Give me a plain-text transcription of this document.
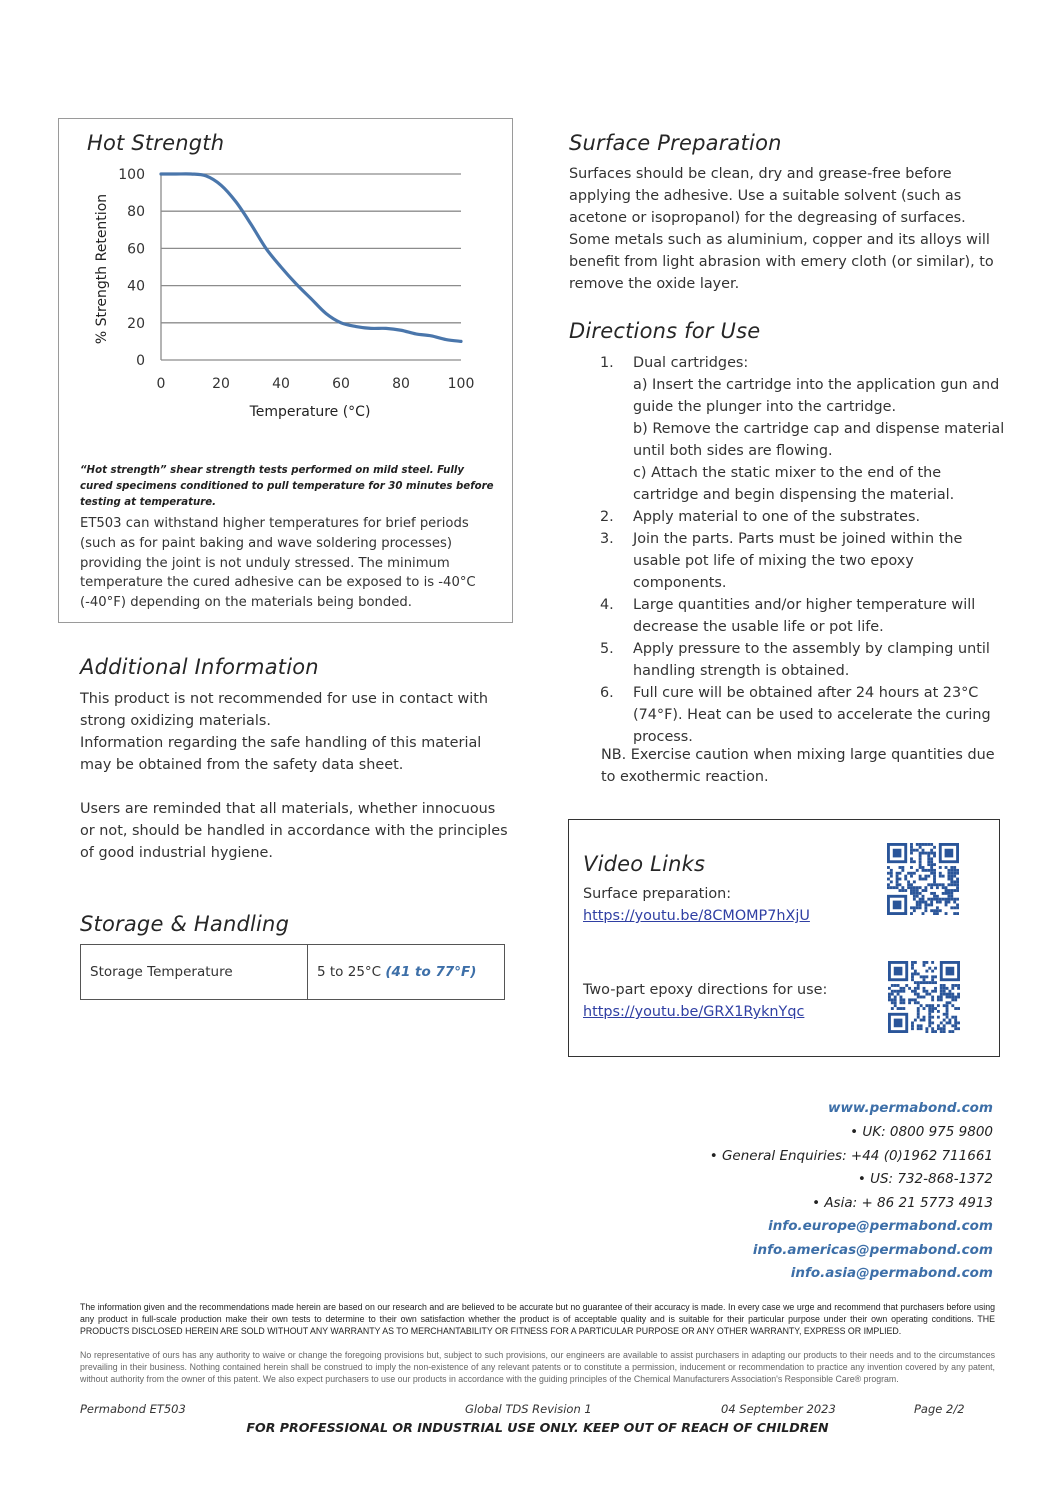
0
20
40
60
80
100
0	20	40	60	80	100
Temperature (°C)
% Strength Retention
Hot Strength
“Hot strength” shear strength tests performed on mild steel. Fully cured specimens conditioned to pull temperature for 30 minutes before testing at temperature.
ET503 can withstand higher temperatures for brief periods (such as for paint baking and wave soldering processes) providing the joint is not unduly stressed. The minimum temperature the cured adhesive can be exposed to is -40°C (-40°F) depending on the materials being bonded.
Additional Information

This product is not recommended for use in contact with strong oxidizing materials.

Information regarding the safe handling of this material may be obtained from the safety data sheet.

Users are reminded that all materials, whether innocuous or not, should be handled in accordance with the principles of good industrial hygiene.

Storage & Handling
Storage Temperature	5 to 25°C
(41 to 77°F)
Surface Preparation
Surfaces should be clean, dry and grease-free before applying the adhesive. Use a suitable solvent (such as acetone or isopropanol) for the degreasing of surfaces. Some metals such as aluminium, copper and its alloys will benefit from light abrasion with emery cloth (or similar), to remove the oxide layer.
Directions for Use
1.	Dual cartridges:
a) Insert the cartridge into the application gun and guide the plunger into the cartridge.
b) Remove the cartridge cap and dispense material until both sides are flowing.
c) Attach the static mixer to the end of the cartridge and begin dispensing the material.
2.	Apply material to one of the substrates.
3.	Join the parts. Parts must be joined within the usable pot life of mixing the two epoxy components.
4.	Large quantities and/or higher temperature will decrease the usable life or pot life.
5.	Apply pressure to the assembly by clamping until handling strength is obtained.
6.	Full cure will be obtained after 24 hours at 23°C (74°F). Heat can be used to accelerate the curing process.
NB. Exercise caution when mixing large quantities due to exothermic reaction.
Video Links
Surface preparation:
https://youtu.be/8CMOMP7hXjU
Two-part epoxy directions for use:
https://youtu.be/GRX1RyknYqc
www.permabond.com
• UK: 0800 975 9800
• General Enquiries: +44 (0)1962 711661
• US: 732-868-1372
• Asia: + 86 21 5773 4913
info.europe@permabond.com
info.americas@permabond.com
info.asia@permabond.com
The information given and the recommendations made herein are based on our research and are believed to be accurate but no guarantee of their accuracy is made. In every case we urge and recommend that purchasers before using any product in full-scale production make their own tests to determine to their own satisfaction whether the product is of acceptable quality and is suitable for their particular purpose under their own operating conditions. THE PRODUCTS DISCLOSED HEREIN ARE SOLD WITHOUT ANY WARRANTY AS TO MERCHANTABILITY OR FITNESS FOR A PARTICULAR PURPOSE OR ANY OTHER WARRANTY, EXPRESS OR IMPLIED.
No representative of ours has any authority to waive or change the foregoing provisions but, subject to such provisions, our engineers are available to assist purchasers in adapting our products to their needs and to the circumstances prevailing in their business. Nothing contained herein shall be construed to imply the non-existence of any relevant patents or to constitute a permission, inducement or recommendation to practice any invention covered by any patent, without authority from the owner of this patent. We also expect purchasers to use our products in accordance with the guiding principles of the Chemical Manufacturers Association's Responsible Care® program.
Permabond ET503	Global TDS Revision 1	04 September 2023	Page 2/2
FOR PROFESSIONAL OR INDUSTRIAL USE ONLY. KEEP OUT OF REACH OF CHILDREN
